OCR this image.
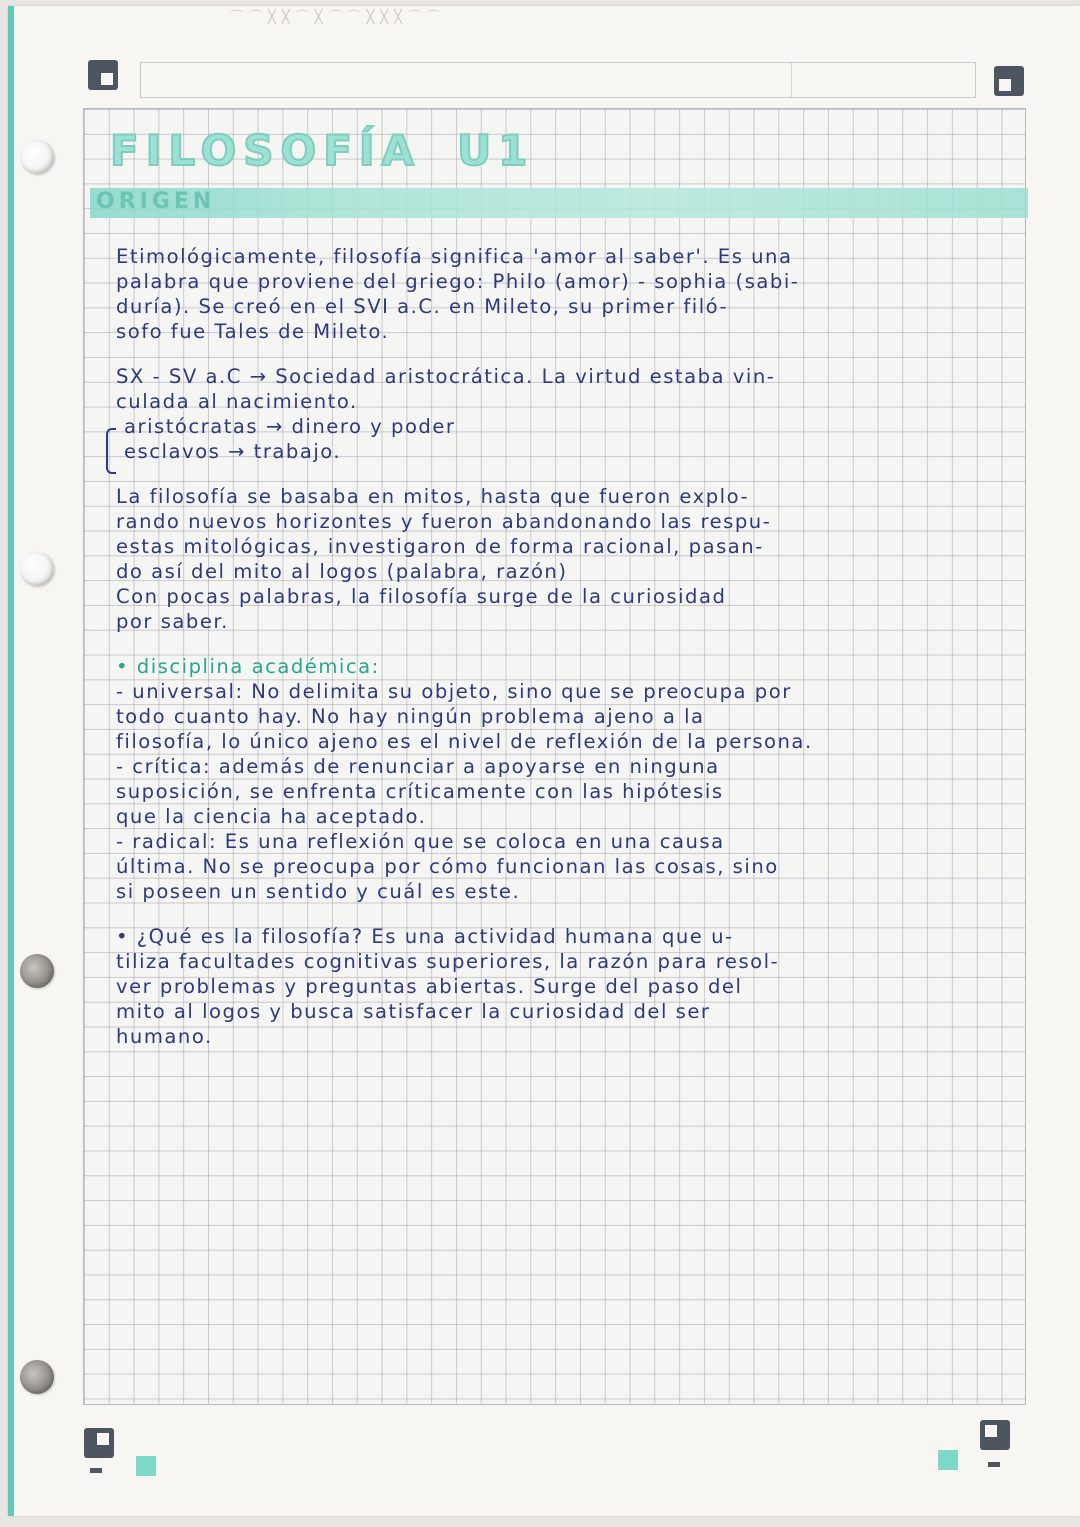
⌒⌒╳╳⌒╳⌒⌒╳╳╳⌒⌒
FILOSOFÍA U1
ORIGEN
Etimológicamente, filosofía significa 'amor al saber'. Es una
palabra que proviene del griego: Philo (amor) - sophia (sabi-
duría). Se creó en el SVI a.C. en Mileto, su primer filó-
sofo fue Tales de Mileto.
SX - SV a.C → Sociedad aristocrática. La virtud estaba vin-
culada al nacimiento.
aristócratas → dinero y poder
esclavos → trabajo.
La filosofía se basaba en mitos, hasta que fueron explo-
rando nuevos horizontes y fueron abandonando las respu-
estas mitológicas, investigaron de forma racional, pasan-
do así del mito al logos (palabra, razón)
Con pocas palabras, la filosofía surge de la curiosidad
por saber.
• disciplina académica:
- universal: No delimita su objeto, sino que se preocupa por
todo cuanto hay. No hay ningún problema ajeno a la
filosofía, lo único ajeno es el nivel de reflexión de la persona.
- crítica: además de renunciar a apoyarse en ninguna
suposición, se enfrenta críticamente con las hipótesis
que la ciencia ha aceptado.
- radical: Es una reflexión que se coloca en una causa
última. No se preocupa por cómo funcionan las cosas, sino
si poseen un sentido y cuál es este.
• ¿Qué es la filosofía? Es una actividad humana que u-
tiliza facultades cognitivas superiores, la razón para resol-
ver problemas y preguntas abiertas. Surge del paso del
mito al logos y busca satisfacer la curiosidad del ser
humano.
